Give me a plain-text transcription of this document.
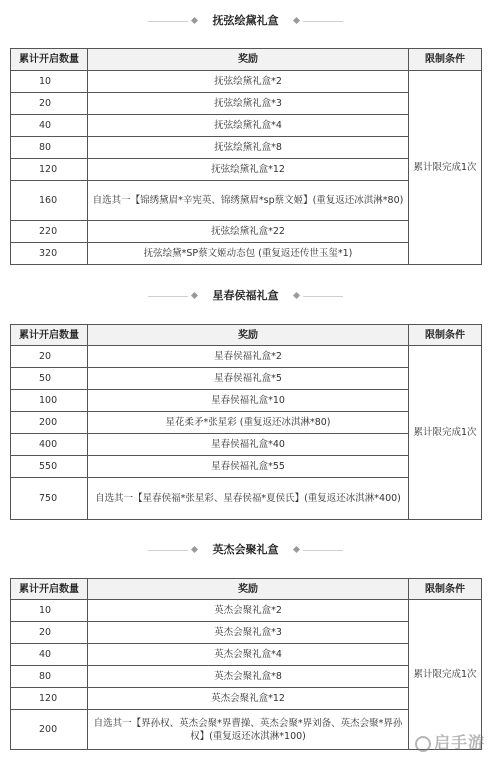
抚弦绘黛礼盒
累计开启数量	奖励	限制条件
10	抚弦绘黛礼盒*2	累计限完成1次
20	抚弦绘黛礼盒*3	
40	抚弦绘黛礼盒*4	
80	抚弦绘黛礼盒*8	
120	抚弦绘黛礼盒*12	
160	自选其一【锦绣黛眉*辛宪英、锦绣黛眉*sp蔡文姬】(重复返还冰淇淋*80)	
220	抚弦绘黛礼盒*22	
320	抚弦绘黛*SP蔡文姬动态包 (重复返还传世玉玺*1)	
星春侯福礼盒
累计开启数量	奖励	限制条件
20	星春侯福礼盒*2	累计限完成1次
50	星春侯福礼盒*5	
100	星春侯福礼盒*10	
200	星花柔矛*张星彩 (重复返还冰淇淋*80)	
400	星春侯福礼盒*40	
550	星春侯福礼盒*55	
750	自选其一【星春侯福*张星彩、星春侯福*夏侯氏】(重复返还冰淇淋*400)	
英杰会聚礼盒
累计开启数量	奖励	限制条件
10	英杰会聚礼盒*2	累计限完成1次
20	英杰会聚礼盒*3	
40	英杰会聚礼盒*4	
80	英杰会聚礼盒*8	
120	英杰会聚礼盒*12	
200	自选其一【界孙权、英杰会聚*界曹操、英杰会聚*界刘备、英杰会聚*界孙权】(重复返还冰淇淋*100)		启手游
